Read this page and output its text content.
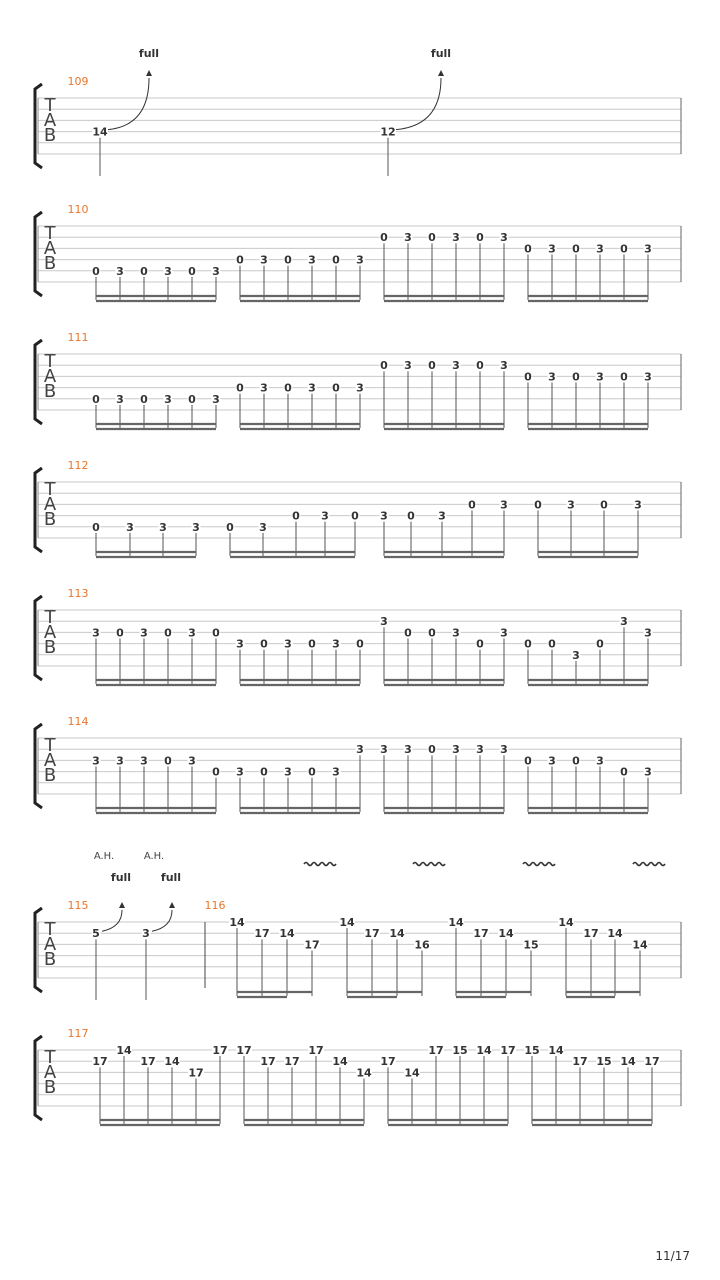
T
A
B
109
14	12
full	full
T
A
B
110
0 3 0 3 0 3
0 3 0 3 0 3
0 3 0 3 0 3
0 3 0 3 0 3
T
A
B
111
0 3 0 3 0 3
0 3 0 3 0 3
0 3 0 3 0 3
0 3 0 3 0 3
T
A
B
112
0 3 3 3 0 3
0 3 0 3 0 3
0 3 0 3 0 3
T
A
B
113
3 0 3 0 3 0
3 0 3 0 3 0
3
0 0 3
0
3
0 0
3
0
3
3
T
A
B
114
3 3 3 0 3
0 3 0 3 0 3
3 3 3 0 3 3 3
0 3 0 3
0 3
T
A
B
115	116
5	3
14
17 14
17
14
17 14
16
14
17 14
15
14
17 14
14
full	full
A.H.	A.H.
T
A
B
117
17
14
17 14
17
17 17
17 17
17
14
14
17
14
17 15 14 17 15 14
17 15 14 17
11/17
